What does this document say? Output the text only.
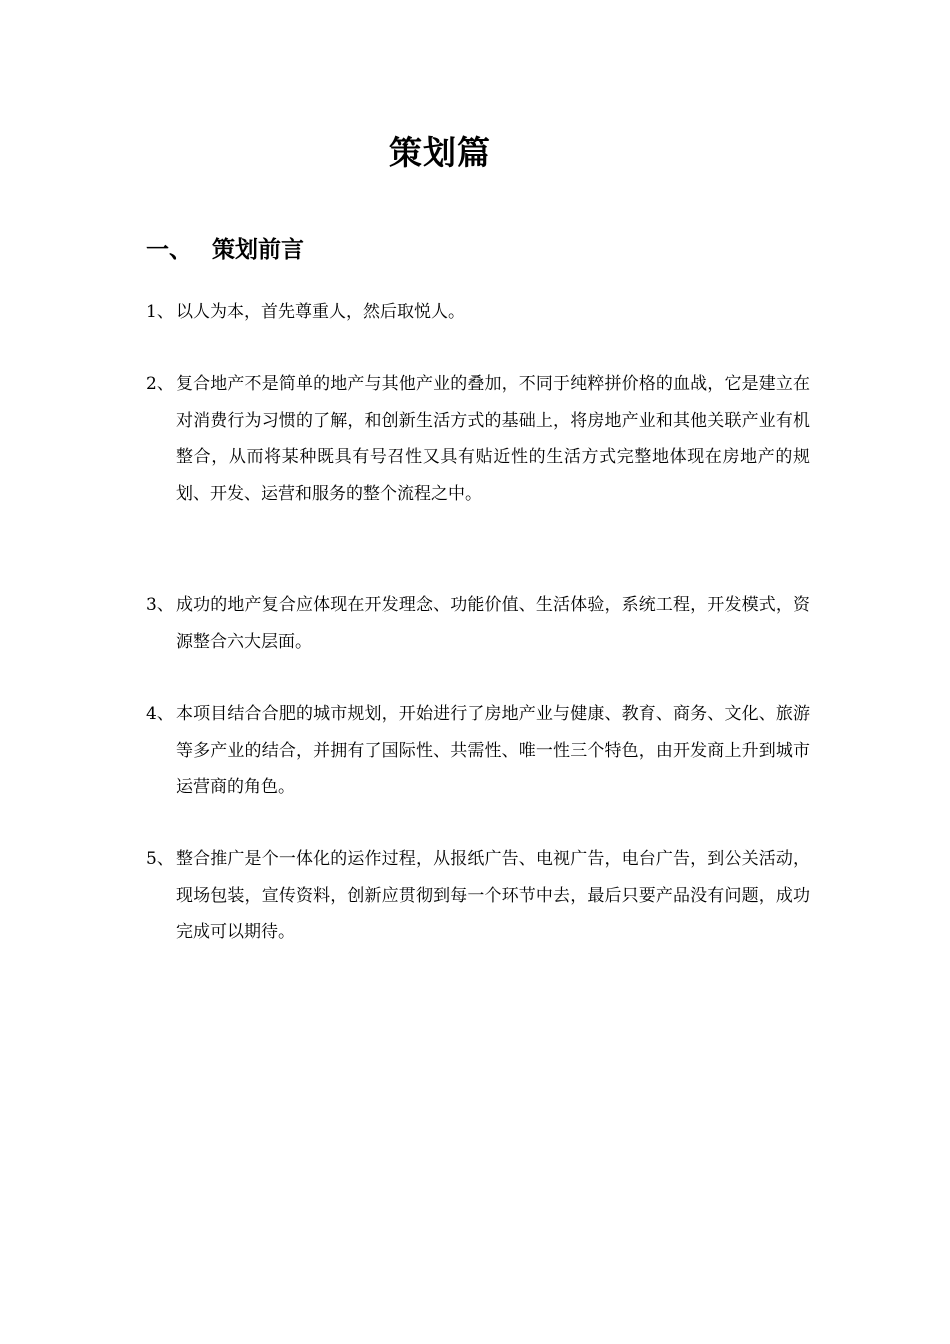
策划篇
一、 策划前言
1、 以人为本，首先尊重人，然后取悦人。
2、 复合地产不是简单的地产与其他产业的叠加，不同于纯粹拼价格的血战，它是建立在对消费行为习惯的了解，和创新生活方式的基础上，将房地产业和其他关联产业有机整合，从而将某种既具有号召性又具有贴近性的生活方式完整地体现在房地产的规划、开发、运营和服务的整个流程之中。
3、 成功的地产复合应体现在开发理念、功能价值、生活体验，系统工程，开发模式，资源整合六大层面。
4、 本项目结合合肥的城市规划，开始进行了房地产业与健康、教育、商务、文化、旅游等多产业的结合，并拥有了国际性、共需性、唯一性三个特色，由开发商上升到城市运营商的角色。
5、 整合推广是个一体化的运作过程，从报纸广告、电视广告，电台广告，到公关活动，现场包装，宣传资料，创新应贯彻到每一个环节中去，最后只要产品没有问题，成功完成可以期待。
